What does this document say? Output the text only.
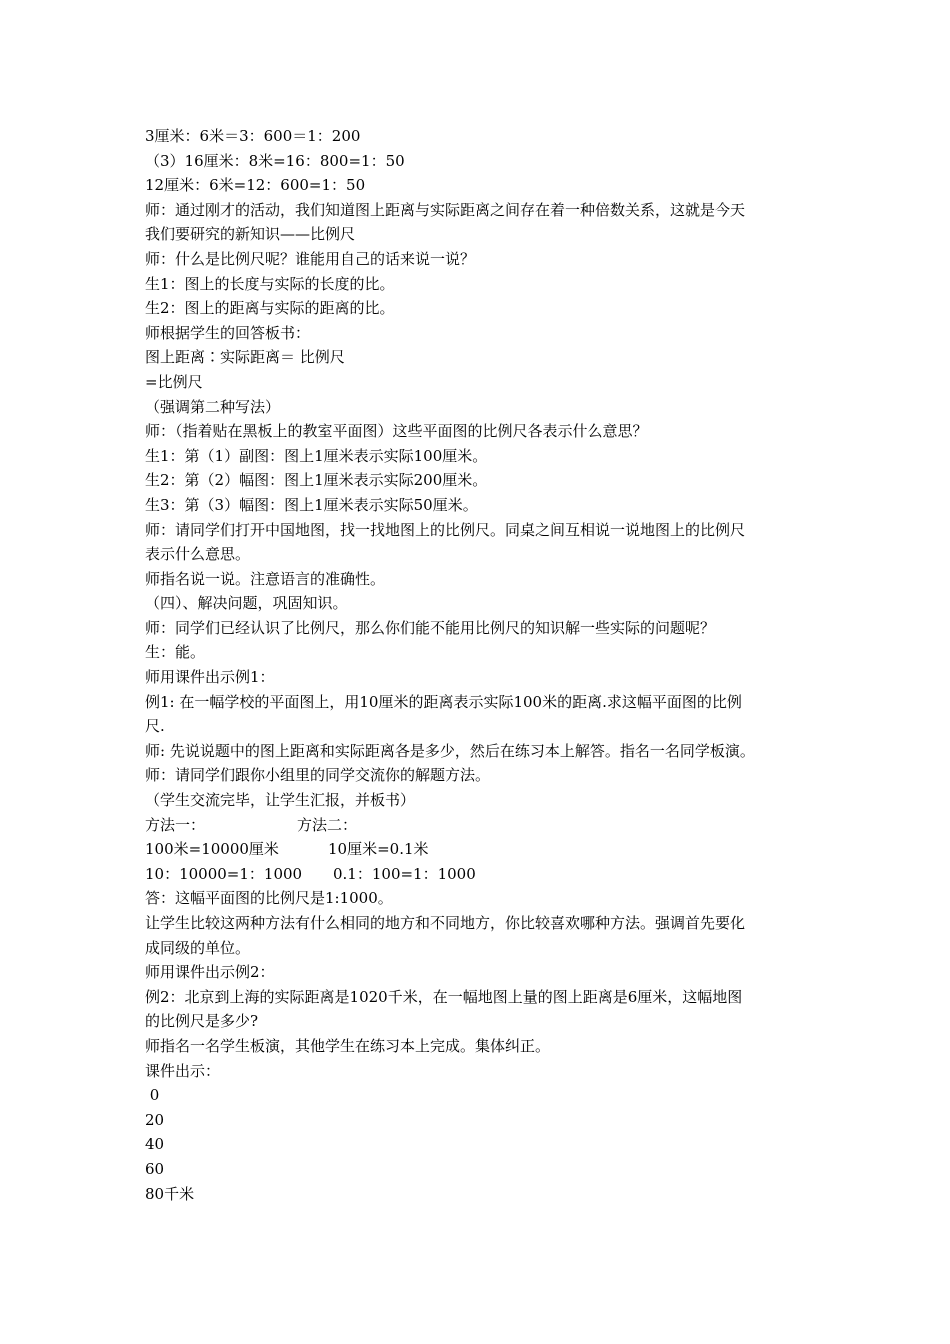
3厘米：6米＝3：600＝1：200
（3）16厘米：8米=16：800=1：50
12厘米：6米=12：600=1：50
师：通过刚才的活动，我们知道图上距离与实际距离之间存在着一种倍数关系，这就是今天
我们要研究的新知识——比例尺
师：什么是比例尺呢？谁能用自己的话来说一说？
生1：图上的长度与实际的长度的比。
生2：图上的距离与实际的距离的比。
师根据学生的回答板书：
图上距离∶实际距离＝ 比例尺
=比例尺
（强调第二种写法）
师：（指着贴在黑板上的教室平面图）这些平面图的比例尺各表示什么意思？
生1：第（1）副图：图上1厘米表示实际100厘米。
生2：第（2）幅图：图上1厘米表示实际200厘米。
生3：第（3）幅图：图上1厘米表示实际50厘米。
师：请同学们打开中国地图，找一找地图上的比例尺。同桌之间互相说一说地图上的比例尺
表示什么意思。
师指名说一说。注意语言的准确性。
（四）、解决问题，巩固知识。
师：同学们已经认识了比例尺，那么你们能不能用比例尺的知识解一些实际的问题呢？
生：能。
师用课件出示例1：
例1: 在一幅学校的平面图上，用10厘米的距离表示实际100米的距离.求这幅平面图的比例
尺.
师: 先说说题中的图上距离和实际距离各是多少，然后在练习本上解答。指名一名同学板演。
师：请同学们跟你小组里的同学交流你的解题方法。
（学生交流完毕，让学生汇报，并板书）
方法一：	方法二：
100米=10000厘米	10厘米=0.1米
10：10000=1：1000	0.1：100=1：1000
答：这幅平面图的比例尺是1:1000。
让学生比较这两种方法有什么相同的地方和不同地方，你比较喜欢哪种方法。强调首先要化
成同级的单位。
师用课件出示例2：
例2：北京到上海的实际距离是1020千米，在一幅地图上量的图上距离是6厘米，这幅地图
的比例尺是多少?
师指名一名学生板演，其他学生在练习本上完成。集体纠正。
课件出示：
0
20
40
60
80千米
